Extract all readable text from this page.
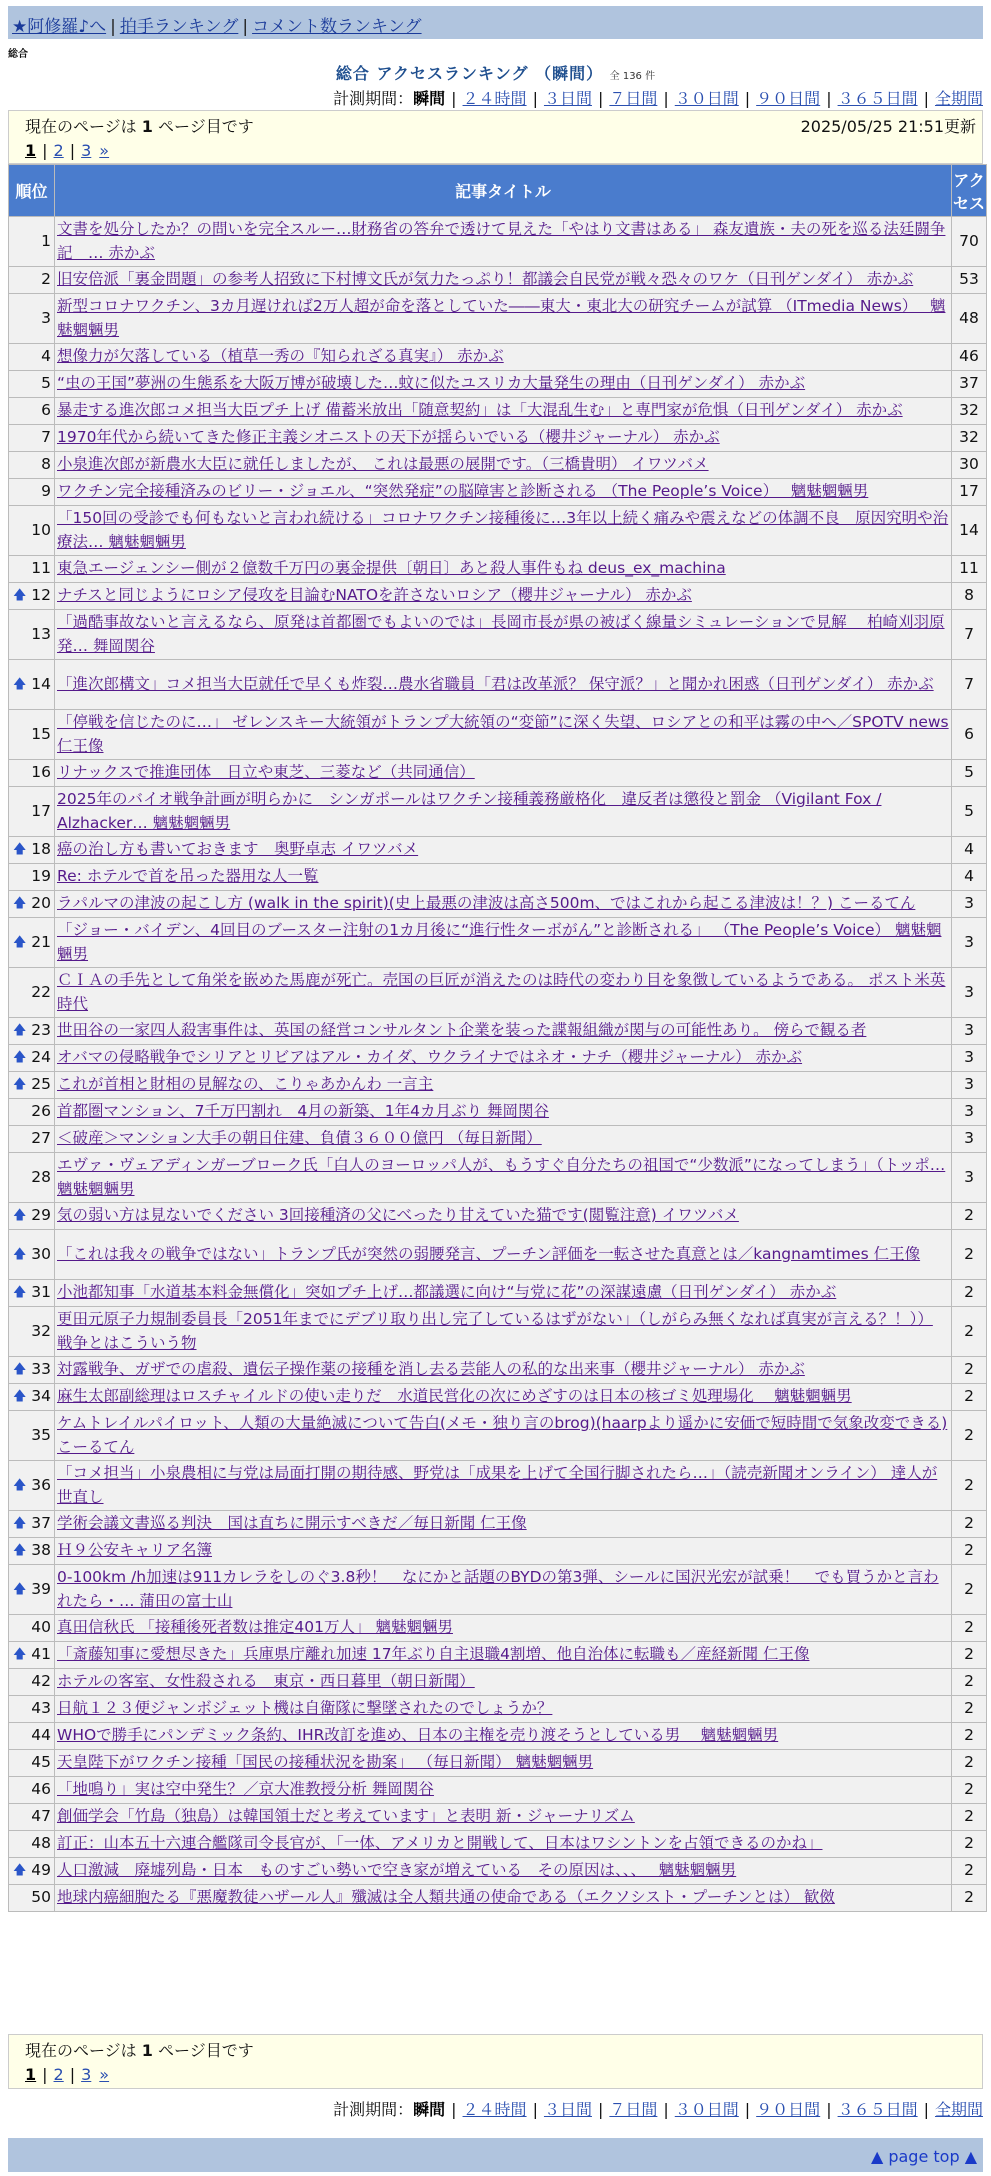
★阿修羅♪へ | 拍手ランキング | コメント数ランキング
総合
総合 アクセスランキング （瞬間） 全 136 件
計測期間：瞬間 | ２４時間 | ３日間 | ７日間 | ３０日間 | ９０日間 | ３６５日間 | 全期間
現在のページは 1 ページ目です	2025/05/25 21:51更新
1 | 2 | 3 »
順位	記事タイトル	アクセス
1	文書を処分したか？の問いを完全スルー…財務省の答弁で透けて見えた「やはり文書はある」 森友遺族・夫の死を巡る法廷闘争記　… 赤かぶ	70
2	旧安倍派「裏金問題」の参考人招致に下村博文氏が気力たっぷり！都議会自民党が戦々恐々のワケ（日刊ゲンダイ） 赤かぶ	53
3	新型コロナワクチン、3カ月遅ければ2万人超が命を落としていた――東大・東北大の研究チームが試算 （ITmedia News）　 魑魅魍魎男	48
4	想像力が欠落している（植草一秀の『知られざる真実』） 赤かぶ	46
5	“虫の王国”夢洲の生態系を大阪万博が破壊した…蚊に似たユスリカ大量発生の理由（日刊ゲンダイ） 赤かぶ	37
6	暴走する進次郎コメ担当大臣プチ上げ 備蓄米放出「随意契約」は「大混乱生む」と専門家が危惧（日刊ゲンダイ） 赤かぶ	32
7	1970年代から続いてきた修正主義シオニストの天下が揺らいでいる（櫻井ジャーナル） 赤かぶ	32
8	小泉進次郎が新農水大臣に就任しましたが、 これは最悪の展開です。（三橋貴明） イワツバメ	30
9	ワクチン完全接種済みのビリー・ジョエル、“突然発症”の脳障害と診断される （The People’s Voice）　 魑魅魍魎男	17
10	「150回の受診でも何もないと言われ続ける」コロナワクチン接種後に…3年以上続く痛みや震えなどの体調不良　原因究明や治療法… 魑魅魍魎男	14
11	東急エージェンシー側が２億数千万円の裏金提供〔朝日〕あと殺人事件もね deus_ex_machina	11

🡅 12	ナチスと同じようにロシア侵攻を目論むNATOを許さないロシア（櫻井ジャーナル） 赤かぶ	8
13	「過酷事故ないと言えるなら、原発は首都圏でもよいのでは」長岡市長が県の被ばく線量シミュレーションで見解　 柏崎刈羽原発… 舞岡関谷	7

🡅 14	「進次郎構文」コメ担当大臣就任で早くも炸裂…農水省職員「君は改革派？ 保守派？」と聞かれ困惑（日刊ゲンダイ） 赤かぶ	7
15	「停戦を信じたのに…」 ゼレンスキー大統領がトランプ大統領の“変節”に深く失望、ロシアとの和平は霧の中へ／SPOTV news 仁王像	6
16	リナックスで推進団体　日立や東芝、三菱など（共同通信）	5
17	2025年のバイオ戦争計画が明らかに　シンガポールはワクチン接種義務厳格化　違反者は懲役と罰金 （Vigilant Fox / Alzhacker… 魑魅魍魎男	5

🡅 18	癌の治し方も書いておきます　奥野卓志 イワツバメ	4
19	Re: ホテルで首を吊った器用な人一覧	4

🡅 20	ラパルマの津波の起こし方 (walk in the spirit)(史上最悪の津波は高さ500m、ではこれから起こる津波は！？) こーるてん	3

🡅 21	「ジョー・バイデン、4回目のブースター注射の1カ月後に“進行性ターボがん”と診断される」 （The People’s Voice） 魑魅魍魎男	3
22	ＣＩＡの手先として角栄を嵌めた馬鹿が死亡。売国の巨匠が消えたのは時代の変わり目を象徴しているようである。 ポスト米英時代	3

🡅 23	世田谷の一家四人殺害事件は、英国の経営コンサルタント企業を装った諜報組織が関与の可能性あり。 傍らで観る者	3

🡅 24	オバマの侵略戦争でシリアとリビアはアル・カイダ、ウクライナではネオ・ナチ（櫻井ジャーナル） 赤かぶ	3

🡅 25	これが首相と財相の見解なの、こりゃあかんわ 一言主	3
26	首都圏マンション、7千万円割れ　4月の新築、1年4カ月ぶり 舞岡関谷	3
27	＜破産＞マンション大手の朝日住建、負債３６００億円 （毎日新聞）	3
28	エヴァ・ヴェアディンガーブローク氏「白人のヨーロッパ人が、もうすぐ自分たちの祖国で“少数派”になってしまう」（トッポ… 魑魅魍魎男	3

🡅 29	気の弱い方は見ないでください 3回接種済の父にべったり甘えていた猫です(閲覧注意) イワツバメ	2

🡅 30	「これは我々の戦争ではない」トランプ氏が突然の弱腰発言、プーチン評価を一転させた真意とは／kangnamtimes 仁王像	2

🡅 31	小池都知事「水道基本料金無償化」突如プチ上げ…都議選に向け“与党に花”の深謀遠慮（日刊ゲンダイ） 赤かぶ	2
32	更田元原子力規制委員長「2051年までにデブリ取り出し完了しているはずがない」（しがらみ無くなれば真実が言える？！）） 戦争とはこういう物	2

🡅 33	対露戦争、ガザでの虐殺、遺伝子操作薬の接種を消し去る芸能人の私的な出来事（櫻井ジャーナル） 赤かぶ	2

🡅 34	麻生太郎副総理はロスチャイルドの使い走りだ　水道民営化の次にめざすのは日本の核ゴミ処理場化　 魑魅魍魎男	2
35	ケムトレイルパイロット、人類の大量絶滅について告白(メモ・独り言のbrog)(haarpより遥かに安価で短時間で気象改変できる) こーるてん	2

🡅 36	「コメ担当」小泉農相に与党は局面打開の期待感、野党は「成果を上げて全国行脚されたら…」（読売新聞オンライン） 達人が世直し	2

🡅 37	学術会議文書巡る判決　国は直ちに開示すべきだ／毎日新聞 仁王像	2

🡅 38	Ｈ９公安キャリア名簿	2

🡅 39	0-100km /h加速は911カレラをしのぐ3.8秒！　なにかと話題のBYDの第3弾、シールに国沢光宏が試乗！　でも買うかと言われたら・… 蒲田の富士山	2
40	真田信秋氏 「接種後死者数は推定401万人」 魑魅魍魎男	2

🡅 41	「斎藤知事に愛想尽きた」兵庫県庁離れ加速 17年ぶり自主退職4割増、他自治体に転職も／産経新聞 仁王像	2
42	ホテルの客室、女性殺される　東京・西日暮里（朝日新聞）	2
43	日航１２３便ジャンボジェット機は自衛隊に撃墜されたのでしょうか？	2
44	WHOで勝手にパンデミック条約、IHR改訂を進め、日本の主権を売り渡そうとしている男　 魑魅魍魎男	2
45	天皇陛下がワクチン接種「国民の接種状況を勘案」 （毎日新聞） 魑魅魍魎男	2
46	「地鳴り」実は空中発生？／京大准教授分析 舞岡関谷	2
47	創価学会「竹島（独島）は韓国領土だと考えています」と表明 新・ジャーナリズム	2
48	訂正：山本五十六連合艦隊司令長官が、「一体、アメリカと開戦して、日本はワシントンを占領できるのかね」	2

🡅 49	人口激減　廃墟列島・日本　ものすごい勢いで空き家が増えている　その原因は、、、　 魑魅魍魎男	2
50	地球内癌細胞たる『悪魔教徒ハザール人』殲滅は全人類共通の使命である（エクソシスト・プーチンとは） 歓傚	2
現在のページは 1 ページ目です
1 | 2 | 3 »
計測期間：瞬間 | ２４時間 | ３日間 | ７日間 | ３０日間 | ９０日間 | ３６５日間 | 全期間
▲ page top ▲
